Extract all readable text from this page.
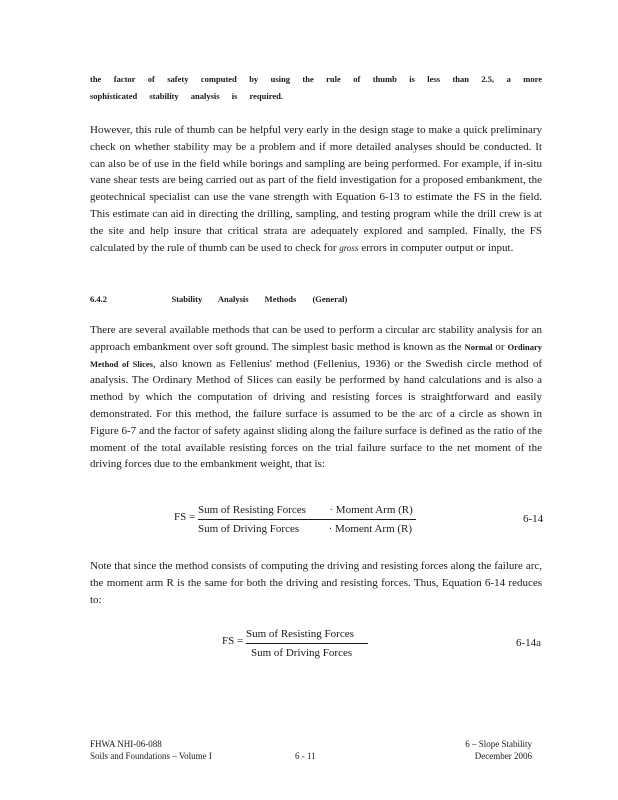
the factor of safety computed by using the rule of thumb is less than 2.5, a more
sophisticated stability analysis is required.
However, this rule of thumb can be helpful very early in the design stage to make a quick preliminary check on whether stability may be a problem and if more detailed analyses should be conducted. It can also be of use in the field while borings and sampling are being performed. For example, if in-situ vane shear tests are being carried out as part of the field investigation for a proposed embankment, the geotechnical specialist can use the vane strength with Equation 6-13 to estimate the FS in the field. This estimate can aid in directing the drilling, sampling, and testing program while the drill crew is at the site and help insure that critical strata are adequately explored and sampled. Finally, the FS calculated by the rule of thumb can be used to check for gross errors in computer output or input.
6.4.2	Stability Analysis Methods (General)
There are several available methods that can be used to perform a circular arc stability analysis for an approach embankment over soft ground. The simplest basic method is known as the Normal or Ordinary Method of Slices, also known as Fellenius' method (Fellenius, 1936) or the Swedish circle method of analysis. The Ordinary Method of Slices can easily be performed by hand calculations and is also a method by which the computation of driving and resisting forces is straightforward and easily demonstrated. For this method, the failure surface is assumed to be the arc of a circle as shown in Figure 6-7 and the factor of safety against sliding along the failure surface is defined as the ratio of the moment of the total available resisting forces on the trial failure surface to the net moment of the driving forces due to the embankment weight, that is:
FS =
Sum of Resisting Forces · Moment Arm (R)
Sum of Driving Forces	· Moment Arm (R)
6-14
Note that since the method consists of computing the driving and resisting forces along the failure arc, the moment arm R is the same for both the driving and resisting forces. Thus, Equation 6-14 reduces to:
FS =
Sum of Resisting Forces
Sum of Driving Forces
6-14a
FHWA NHI-06-088
Soils and Foundations – Volume I	6 - 11
6 – Slope Stability
December 2006
